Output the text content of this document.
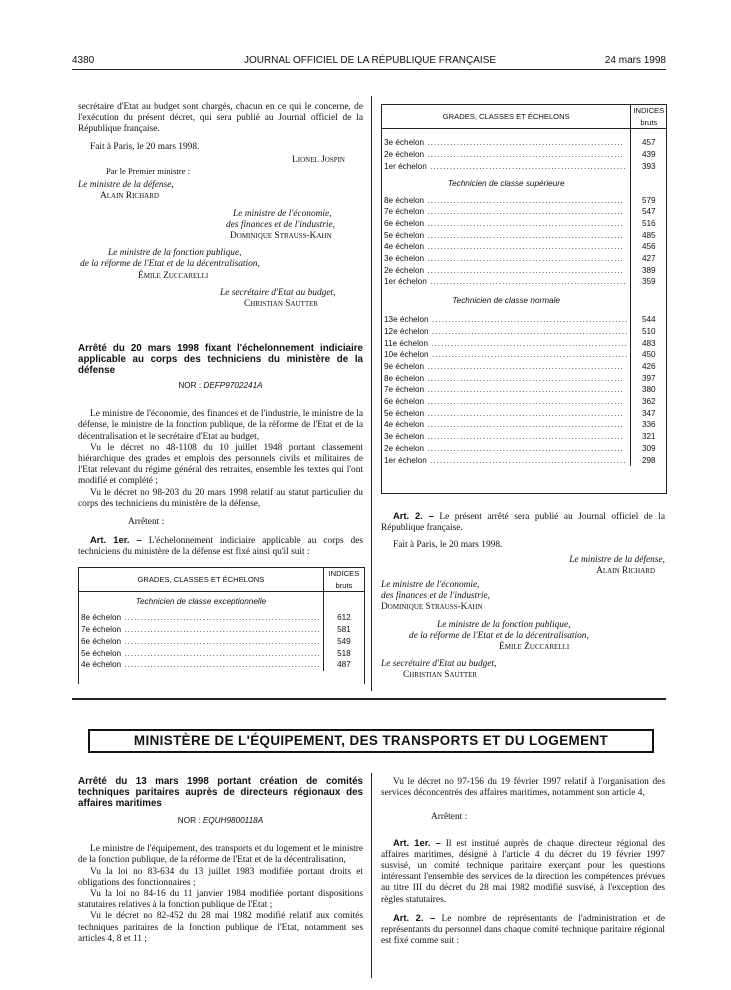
4380	JOURNAL OFFICIEL DE LA RÉPUBLIQUE FRANÇAISE	24 mars 1998

secrétaire d'Etat au budget sont chargés, chacun en ce qui le concerne, de l'exécution du présent décret, qui sera publié au Journal officiel de la République française.

Fait à Paris, le 20 mars 1998.

Lionel Jospin

Par le Premier ministre :

Le ministre de la défense,

Alain Richard

Le ministre de l'économie,

des finances et de l'industrie,

Dominique Strauss-Kahn

Le ministre de la fonction publique,

de la réforme de l'Etat et de la décentralisation,

Émile Zuccarelli

Le secrétaire d'Etat au budget,

Christian Sautter

Arrêté du 20 mars 1998 fixant l'échelonnement indiciaire applicable au corps des techniciens du ministère de la défense

NOR : DEFP9702241A

Le ministre de l'économie, des finances et de l'industrie, le ministre de la défense, le ministre de la fonction publique, de la réforme de l'Etat et de la décentralisation et le secrétaire d'Etat au budget,

Vu le décret no 48-1108 du 10 juillet 1948 portant classement hiérarchique des grades et emplois des personnels civils et militaires de l'Etat relevant du régime général des retraites, ensemble les textes qui l'ont modifié et complété ;

Vu le décret no 98-203 du 20 mars 1998 relatif au statut particulier du corps des techniciens du ministère de la défense,

Arrêtent :

Art. 1er. – L'échelonnement indiciaire applicable au corps des techniciens du ministère de la défense est fixé ainsi qu'il suit :

GRADES, CLASSES ET ÉCHELONS	INDICES bruts
Technicien de classe exceptionnelle	
8e échelon ............................................................	612
7e échelon ............................................................	581
6e échelon ............................................................	549
5e échelon ............................................................	518
4e échelon ............................................................	487
GRADES, CLASSES ET ÉCHELONS	INDICES bruts

3e échelon ............................................................	457
2e échelon ............................................................	439
1er échelon ............................................................	393
Technicien de classe supérieure	
8e échelon ............................................................	579
7e échelon ............................................................	547
6e échelon ............................................................	516
5e échelon ............................................................	485
4e échelon ............................................................	456
3e échelon ............................................................	427
2e échelon ............................................................	389
1er échelon ............................................................	359
Technicien de classe normale	
13e échelon ............................................................	544
12e échelon ............................................................	510
11e échelon ............................................................	483
10e échelon ............................................................	450
9e échelon ............................................................	426
8e échelon ............................................................	397
7e échelon ............................................................	380
6e échelon ............................................................	362
5e échelon ............................................................	347
4e échelon ............................................................	336
3e échelon ............................................................	321
2e échelon ............................................................	309
1er échelon ............................................................	298

Art. 2. – Le présent arrêté sera publié au Journal officiel de la République française.

Fait à Paris, le 20 mars 1998.

Le ministre de la défense,

Alain Richard

Le ministre de l'économie,

des finances et de l'industrie,

Dominique Strauss-Kahn

Le ministre de la fonction publique,

de la réforme de l'Etat et de la décentralisation,

Émile Zuccarelli

Le secrétaire d'Etat au budget,

Christian Sautter

MINISTÈRE DE L'ÉQUIPEMENT, DES TRANSPORTS ET DU LOGEMENT

Arrêté du 13 mars 1998 portant création de comités techniques paritaires auprès de directeurs régionaux des affaires maritimes

NOR : EQUH9800118A

Le ministre de l'équipement, des transports et du logement et le ministre de la fonction publique, de la réforme de l'Etat et de la décentralisation,

Vu la loi no 83-634 du 13 juillet 1983 modifiée portant droits et obligations des fonctionnaires ;

Vu la loi no 84-16 du 11 janvier 1984 modifiée portant dispositions statutaires relatives à la fonction publique de l'Etat ;

Vu le décret no 82-452 du 28 mai 1982 modifié relatif aux comités techniques paritaires de la fonction publique de l'Etat, notamment ses articles 4, 8 et 11 ;

Vu le décret no 97-156 du 19 février 1997 relatif à l'organisation des services déconcentrés des affaires maritimes, notamment son article 4,

Arrêtent :

Art. 1er. – Il est institué auprès de chaque directeur régional des affaires maritimes, désigné à l'article 4 du décret du 19 février 1997 susvisé, un comité technique paritaire exerçant pour les questions intéressant l'ensemble des services de la direction les compétences prévues au titre III du décret du 28 mai 1982 modifié susvisé, à l'exception des règles statutaires.

Art. 2. – Le nombre de représentants de l'administration et de représentants du personnel dans chaque comité technique paritaire régional est fixé comme suit :
